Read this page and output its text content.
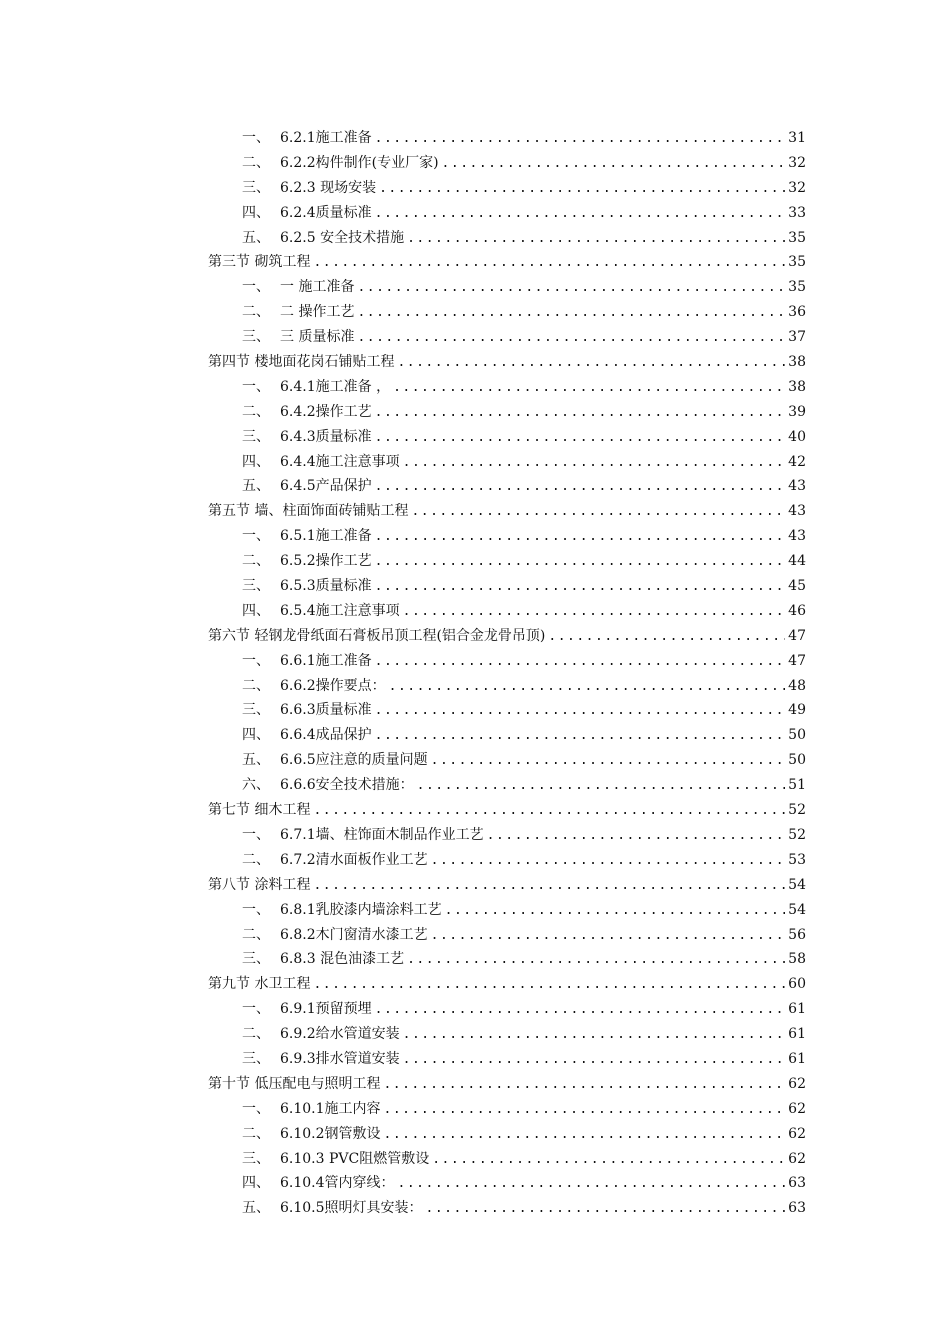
一、 6.2.1施工准备 .....	31
二、 6.2.2构件制作(专业厂家) .....	32
三、 6.2.3 现场安装 .....	32
四、 6.2.4质量标准 .....	33
五、 6.2.5 安全技术措施 .....	35
第三节 砌筑工程 .....	35
一、 一 施工准备 .....	35
二、 二 操作工艺 .....	36
三、 三 质量标准 .....	37
第四节 楼地面花岗石铺贴工程 .....	38
一、 6.4.1施工准备 ， .....	38
二、 6.4.2操作工艺 .....	39
三、 6.4.3质量标准 .....	40
四、 6.4.4施工注意事项 .....	42
五、 6.4.5产品保护 .....	43
第五节 墙、柱面饰面砖铺贴工程 .....	43
一、 6.5.1施工准备 .....	43
二、 6.5.2操作工艺 .....	44
三、 6.5.3质量标准 .....	45
四、 6.5.4施工注意事项 .....	46
第六节 轻钢龙骨纸面石膏板吊顶工程(铝合金龙骨吊顶) .....	47
一、 6.6.1施工准备 .....	47
二、 6.6.2操作要点： .....	48
三、 6.6.3质量标准 .....	49
四、 6.6.4成品保护 .....	50
五、 6.6.5应注意的质量问题 .....	50
六、 6.6.6安全技术措施： .....	51
第七节 细木工程 .....	52
一、 6.7.1墙、柱饰面木制品作业工艺 .....	52
二、 6.7.2清水面板作业工艺 .....	53
第八节 涂料工程 .....	54
一、 6.8.1乳胶漆内墙涂料工艺 .....	54
二、 6.8.2木门窗清水漆工艺 .....	56
三、 6.8.3 混色油漆工艺 .....	58
第九节 水卫工程 .....	60
一、 6.9.1预留预埋 .....	61
二、 6.9.2给水管道安装 .....	61
三、 6.9.3排水管道安装 .....	61
第十节 低压配电与照明工程 .....	62
一、 6.10.1施工内容 .....	62
二、 6.10.2钢管敷设 .....	62
三、 6.10.3 PVC阻燃管敷设 .....	62
四、 6.10.4管内穿线： .....	63
五、 6.10.5照明灯具安装： .....	63
